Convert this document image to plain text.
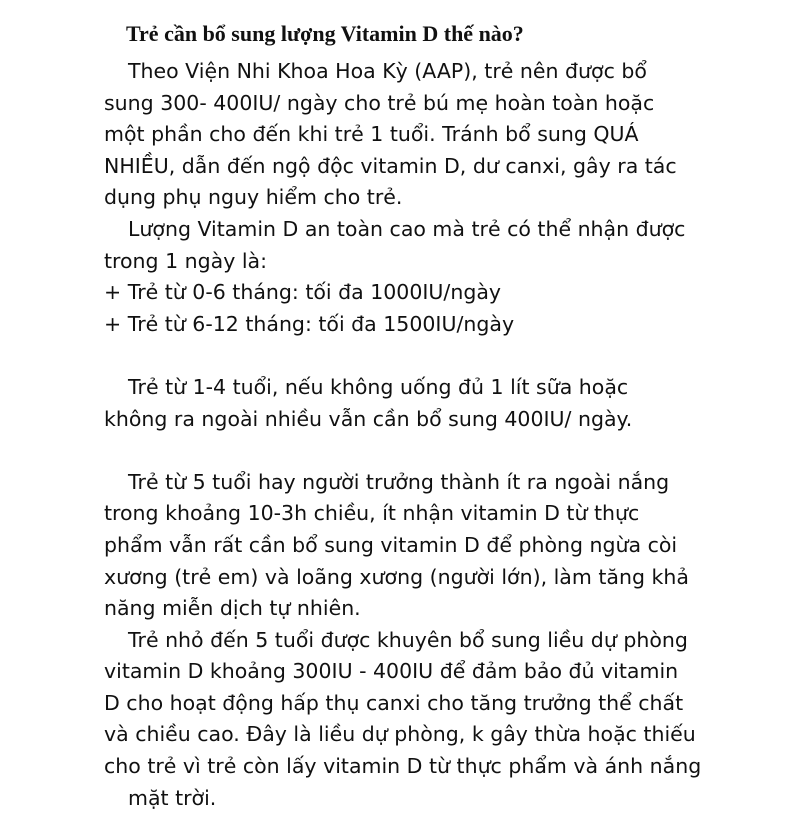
Trẻ cần bổ sung lượng Vitamin D thế nào?
Theo Viện Nhi Khoa Hoa Kỳ (AAP), trẻ nên được bổ
sung 300- 400IU/ ngày cho trẻ bú mẹ hoàn toàn hoặc
một phần cho đến khi trẻ 1 tuổi. Tránh bổ sung QUÁ
NHIỀU, dẫn đến ngộ độc vitamin D, dư canxi, gây ra tác
dụng phụ nguy hiểm cho trẻ.
Lượng Vitamin D an toàn cao mà trẻ có thể nhận được
trong 1 ngày là:
+ Trẻ từ 0-6 tháng: tối đa 1000IU/ngày
+ Trẻ từ 6-12 tháng: tối đa 1500IU/ngày
Trẻ từ 1-4 tuổi, nếu không uống đủ 1 lít sữa hoặc
không ra ngoài nhiều vẫn cần bổ sung 400IU/ ngày.
Trẻ từ 5 tuổi hay người trưởng thành ít ra ngoài nắng
trong khoảng 10-3h chiều, ít nhận vitamin D từ thực
phẩm vẫn rất cần bổ sung vitamin D để phòng ngừa còi
xương (trẻ em) và loãng xương (người lớn), làm tăng khả
năng miễn dịch tự nhiên.
Trẻ nhỏ đến 5 tuổi được khuyên bổ sung liều dự phòng
vitamin D khoảng 300IU - 400IU để đảm bảo đủ vitamin
D cho hoạt động hấp thụ canxi cho tăng trưởng thể chất
và chiều cao. Đây là liều dự phòng, k gây thừa hoặc thiếu
cho trẻ vì trẻ còn lấy vitamin D từ thực phẩm và ánh nắng
mặt trời.
